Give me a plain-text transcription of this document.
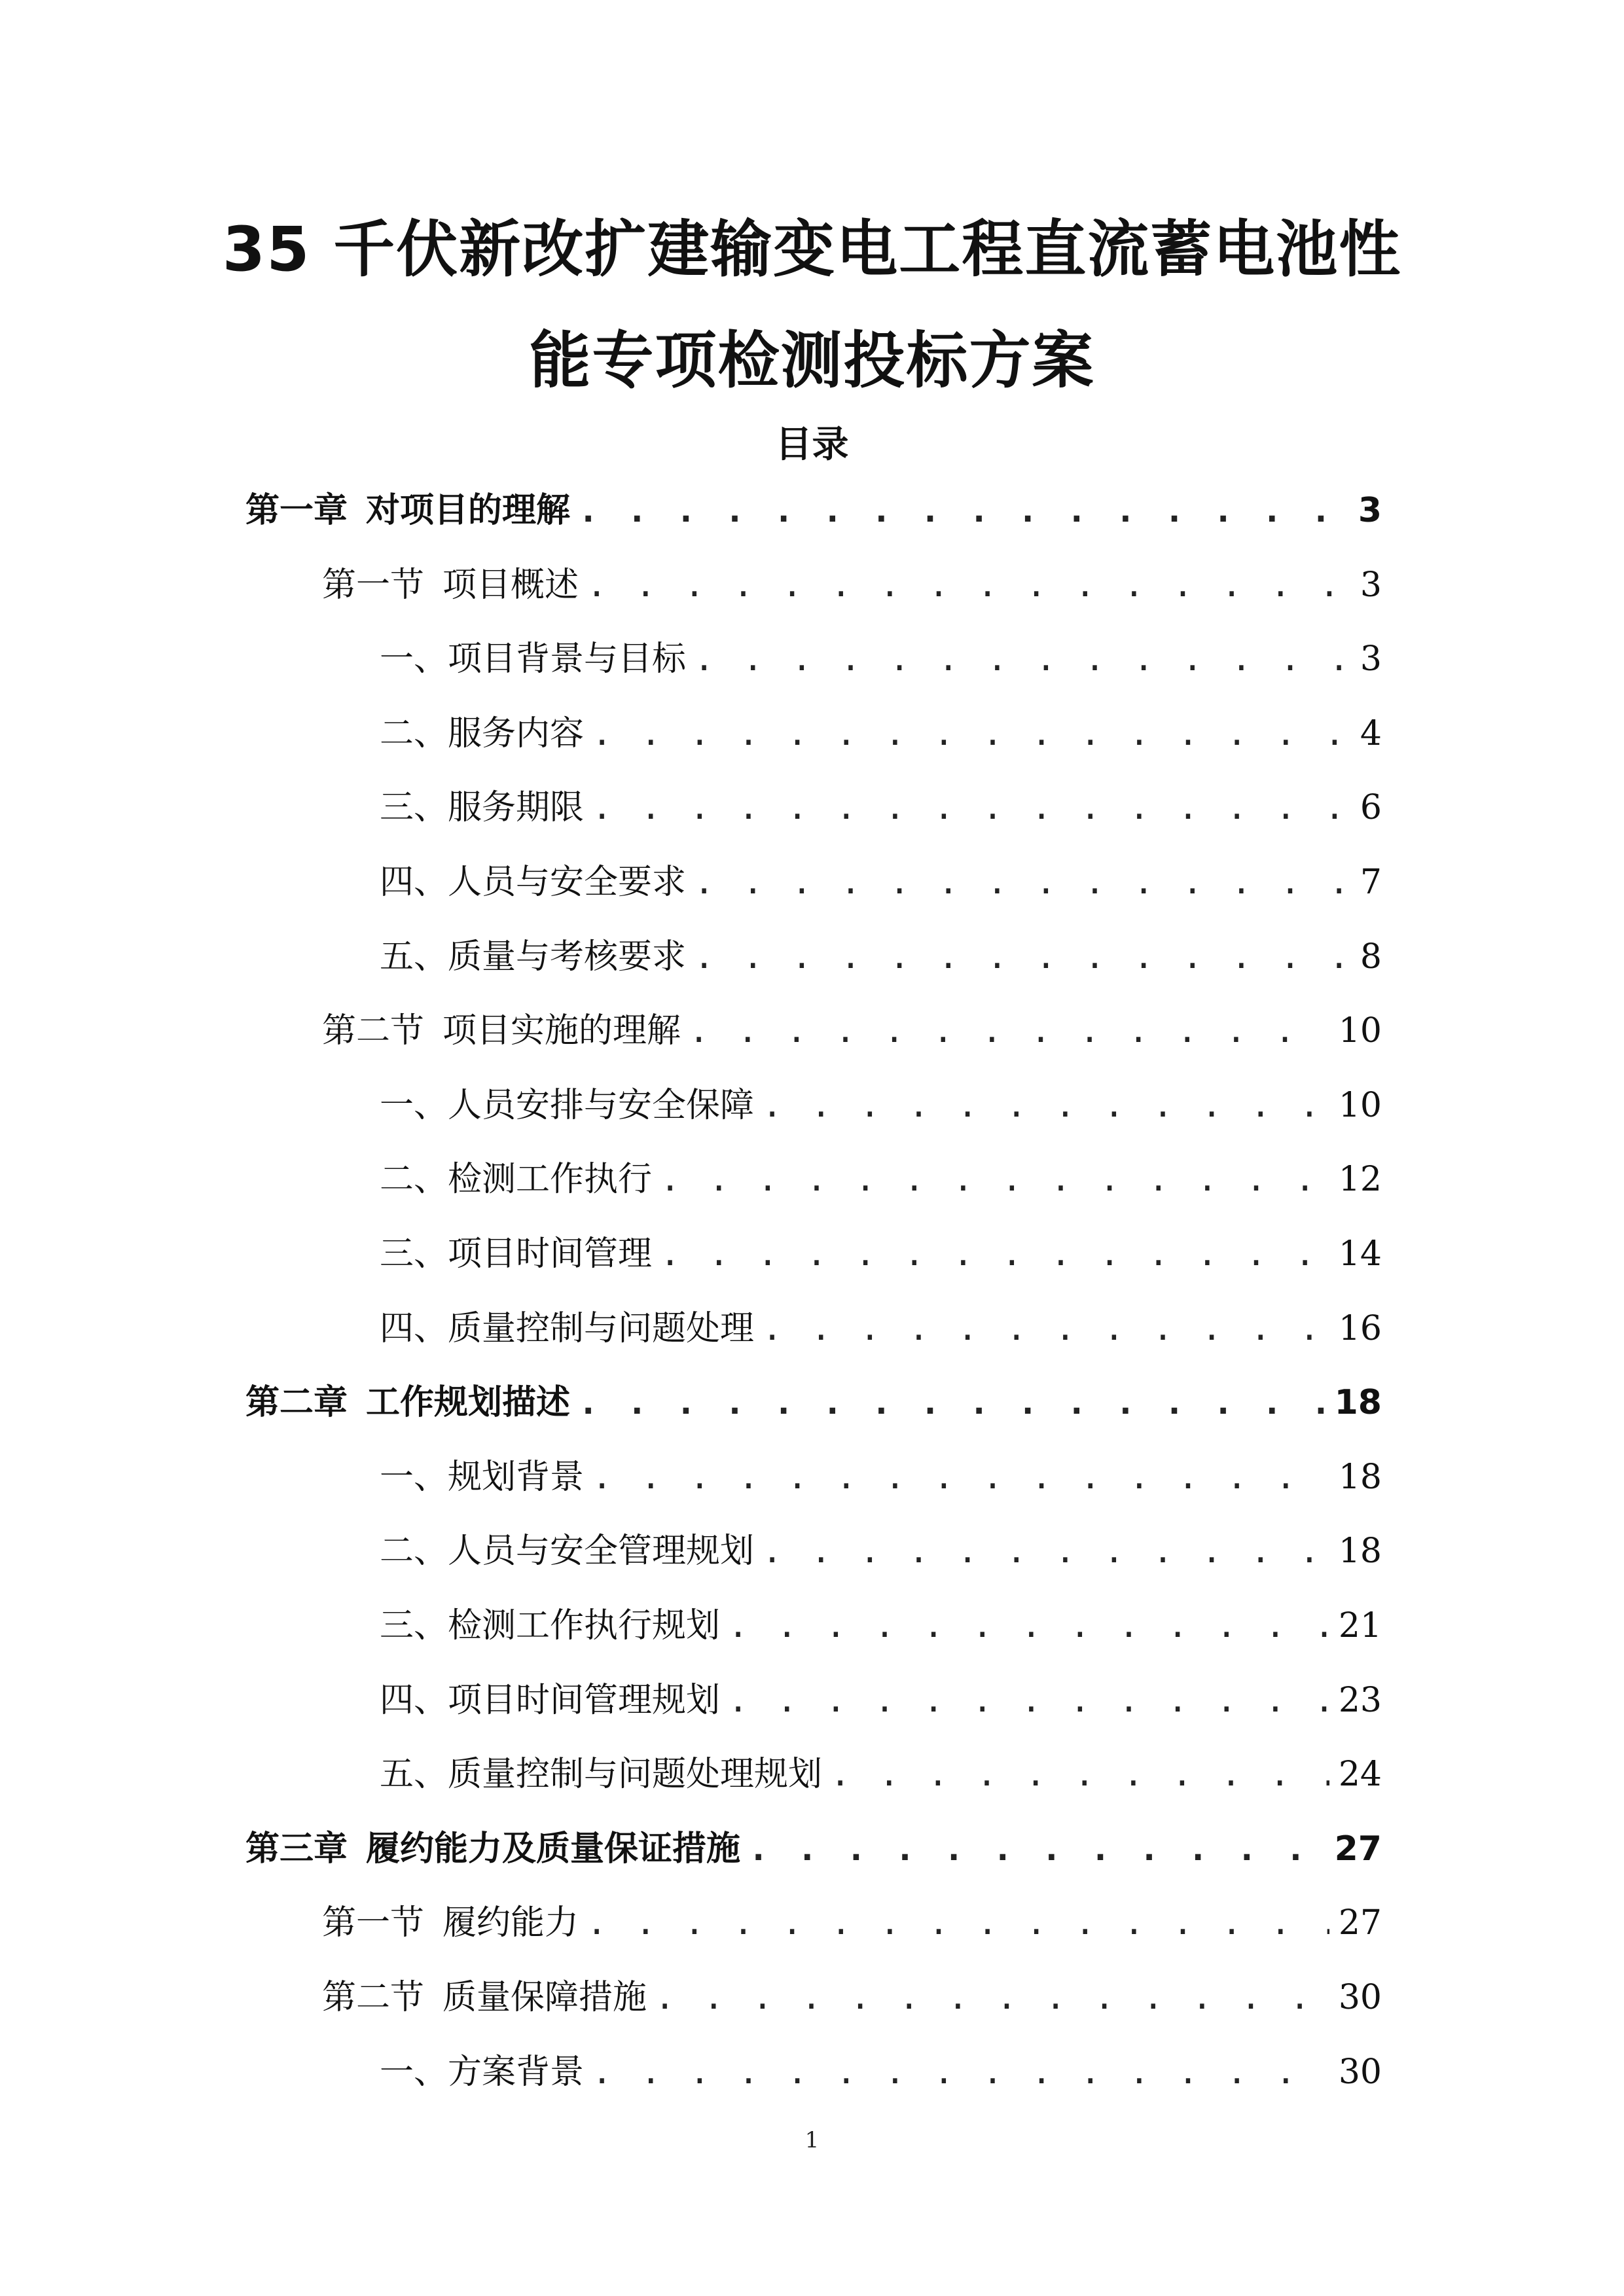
35 千伏新改扩建输变电工程直流蓄电池性
能专项检测投标方案
目录
第一章 对项目的理解 . . .	3
第一节 项目概述 . . .	3
一、项目背景与目标 . . .	3
二、服务内容 . . .	4
三、服务期限 . . .	6
四、人员与安全要求 . . .	7
五、质量与考核要求 . . .	8
第二节 项目实施的理解 . . .	10
一、人员安排与安全保障 . . .	10
二、检测工作执行 . . .	12
三、项目时间管理 . . .	14
四、质量控制与问题处理 . . .	16
第二章 工作规划描述 . . .	18
一、规划背景 . . .	18
二、人员与安全管理规划 . . .	18
三、检测工作执行规划 . . .	21
四、项目时间管理规划 . . .	23
五、质量控制与问题处理规划 . . .	24
第三章 履约能力及质量保证措施 . . .	27
第一节 履约能力 . . .	27
第二节 质量保障措施 . . .	30
一、方案背景 . . .	30
1
